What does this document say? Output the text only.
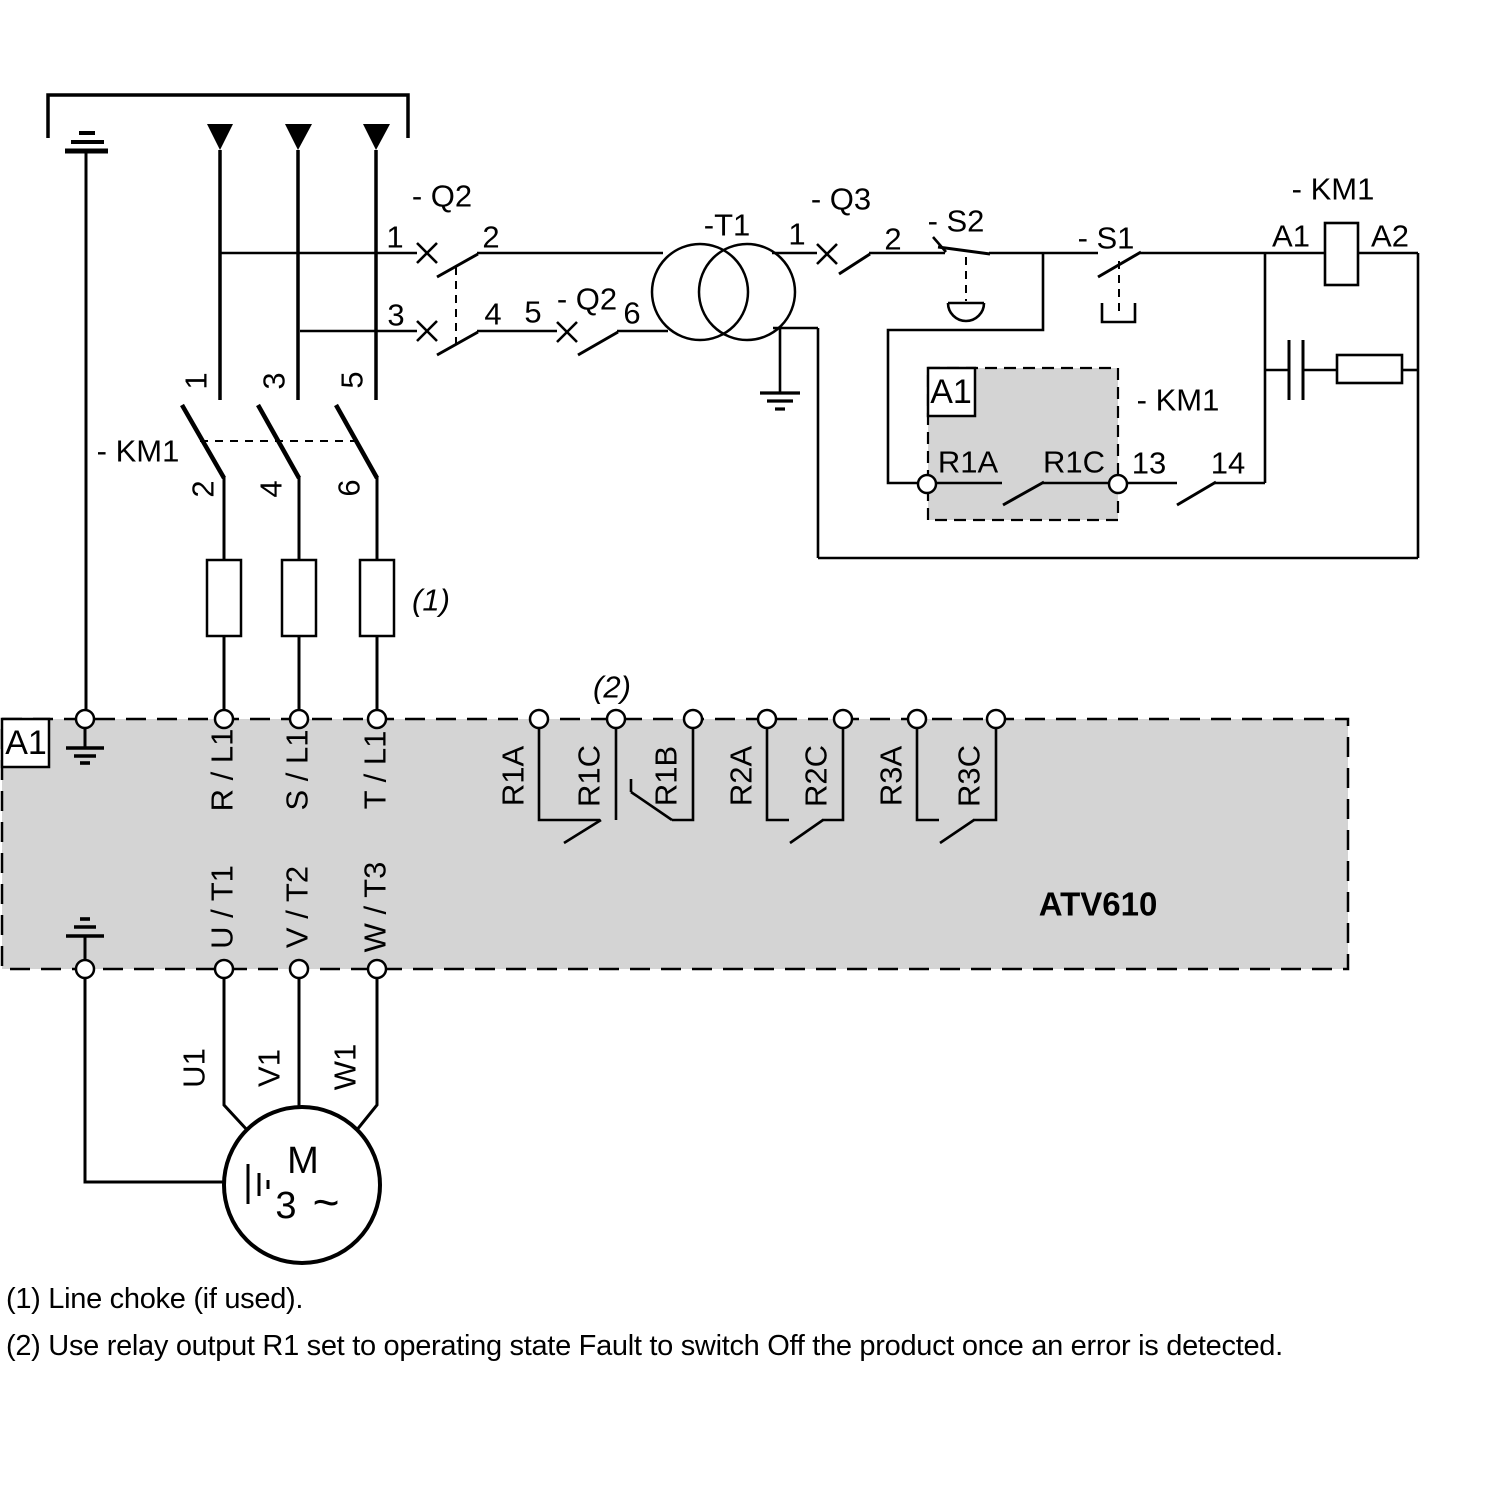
- Q2
1	2
3	4 5 - Q2 6
-T1
- Q3
1	2
- S2	- S1
- KM1
A1 A2
A1	- KM1
R1A R1C 13 14
- KM1
(1)
(2)
A1
ATV610
M
3 ~
1 3 5
2 4 6
R / L1 S / L1 T / L1
U / T1 V / T2 W / T3
R1A R1C R1B R2A R2C R3A R3C
U1 V1 W1
(1) Line choke (if used).
(2) Use relay output R1 set to operating state Fault to switch Off the product once an error is detected.
